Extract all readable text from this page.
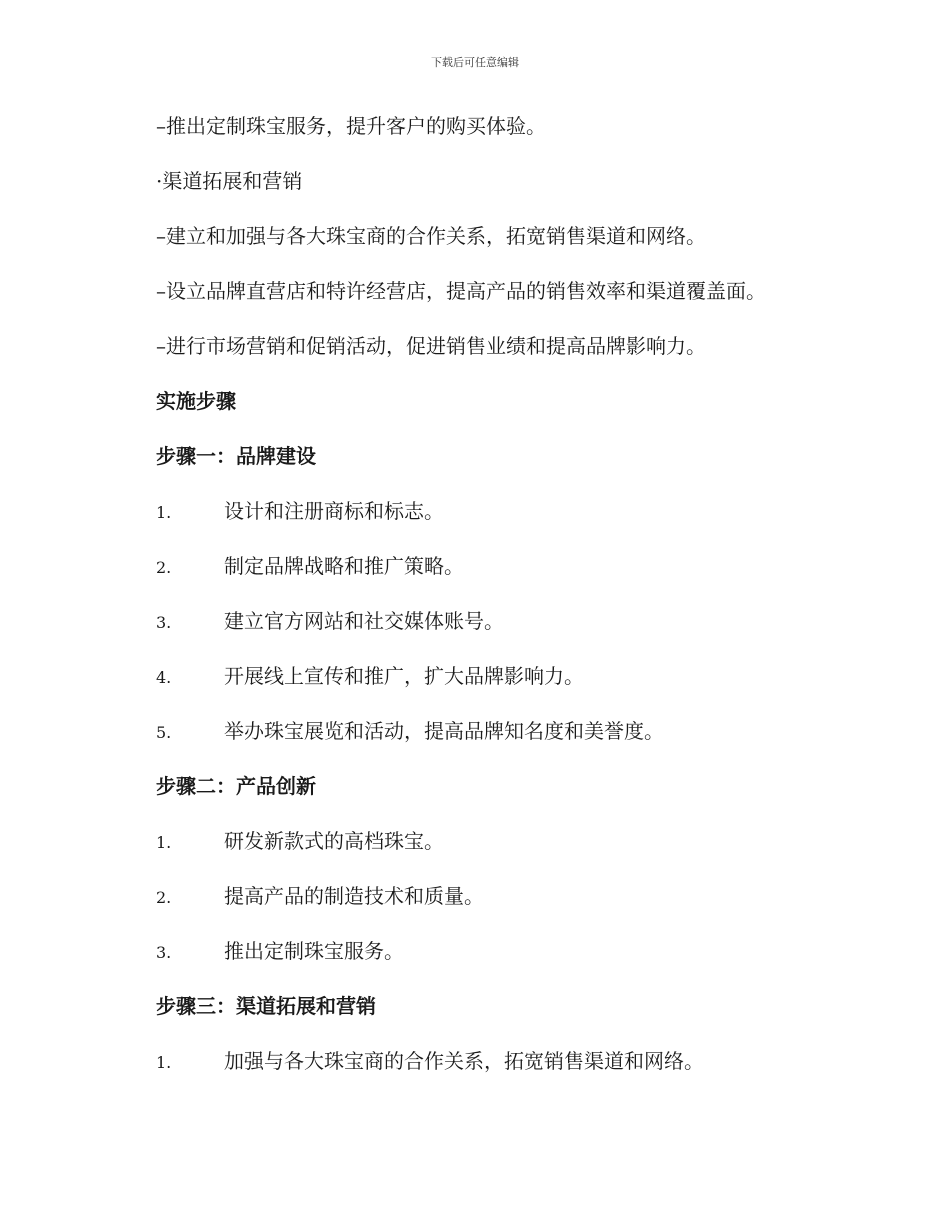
下载后可任意编辑
–推出定制珠宝服务，提升客户的购买体验。
·渠道拓展和营销
–建立和加强与各大珠宝商的合作关系，拓宽销售渠道和网络。
–设立品牌直营店和特许经营店，提高产品的销售效率和渠道覆盖面。
–进行市场营销和促销活动，促进销售业绩和提高品牌影响力。
实施步骤
步骤一：品牌建设
1.	设计和注册商标和标志。
2.	制定品牌战略和推广策略。
3.	建立官方网站和社交媒体账号。
4.	开展线上宣传和推广，扩大品牌影响力。
5.	举办珠宝展览和活动，提高品牌知名度和美誉度。
步骤二：产品创新
1.	研发新款式的高档珠宝。
2.	提高产品的制造技术和质量。
3.	推出定制珠宝服务。
步骤三：渠道拓展和营销
1.	加强与各大珠宝商的合作关系，拓宽销售渠道和网络。
